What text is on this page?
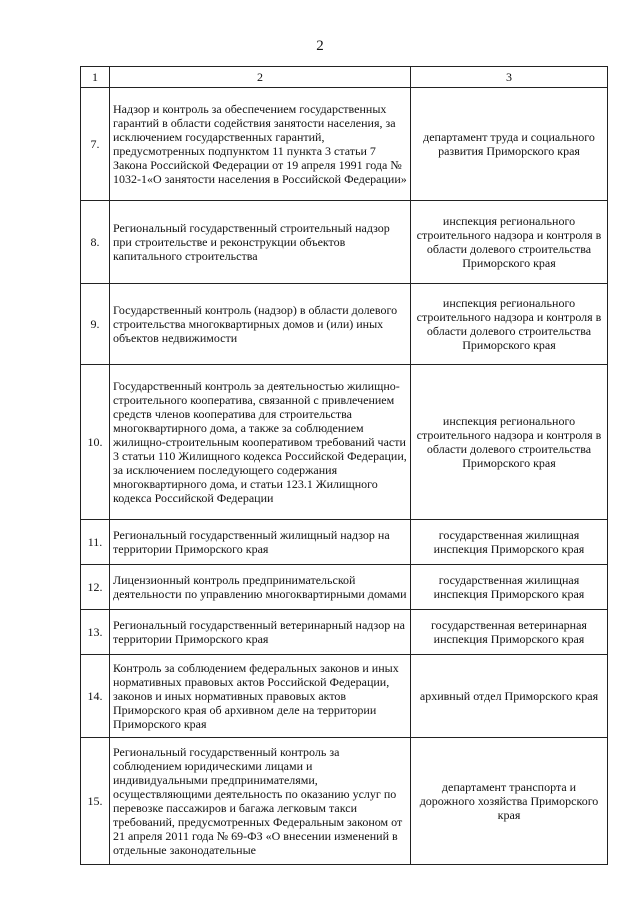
2
1	2	3
7.	Надзор и контроль за обеспечением государственных гарантий в области содействия занятости населения, за исключением государственных гарантий, предусмотренных подпунктом 11 пункта 3 статьи 7 Закона Российской Федерации от 19 апреля 1991 года № 1032-1«О занятости населения в Российской Федерации»	департамент труда и социального развития Приморского края
8.	Региональный государственный строительный надзор при строительстве и реконструкции объектов капитального строительства	инспекция регионального строительного надзора и контроля в области долевого строительства Приморского края
9.	Государственный контроль (надзор) в области долевого строительства многоквартирных домов и (или) иных объектов недвижимости	инспекция регионального строительного надзора и контроля в области долевого строительства Приморского края
10.	Государственный контроль за деятельностью жилищно-строительного кооператива, связанной с привлечением средств членов кооператива для строительства многоквартирного дома, а также за соблюдением жилищно-строительным кооперативом требований части 3 статьи 110 Жилищного кодекса Российской Федерации, за исключением последующего содержания многоквартирного дома, и статьи 123.1 Жилищного кодекса Российской Федерации	инспекция регионального строительного надзора и контроля в области долевого строительства Приморского края
11.	Региональный государственный жилищный надзор на территории Приморского края	государственная жилищная инспекция Приморского края
12.	Лицензионный контроль предпринимательской деятельности по управлению многоквартирными домами	государственная жилищная инспекция Приморского края
13.	Региональный государственный ветеринарный надзор на территории Приморского края	государственная ветеринарная инспекция Приморского края
14.	Контроль за соблюдением федеральных законов и иных нормативных правовых актов Российской Федерации, законов и иных нормативных правовых актов Приморского края об архивном деле на территории Приморского края	архивный отдел Приморского края
15.	Региональный государственный контроль за соблюдением юридическими лицами и индивидуальными предпринимателями, осуществляющими деятельность по оказанию услуг по перевозке пассажиров и багажа легковым такси требований, предусмотренных Федеральным законом от 21 апреля 2011 года № 69-ФЗ «О внесении изменений в отдельные законодательные	департамент транспорта и дорожного хозяйства Приморского края
